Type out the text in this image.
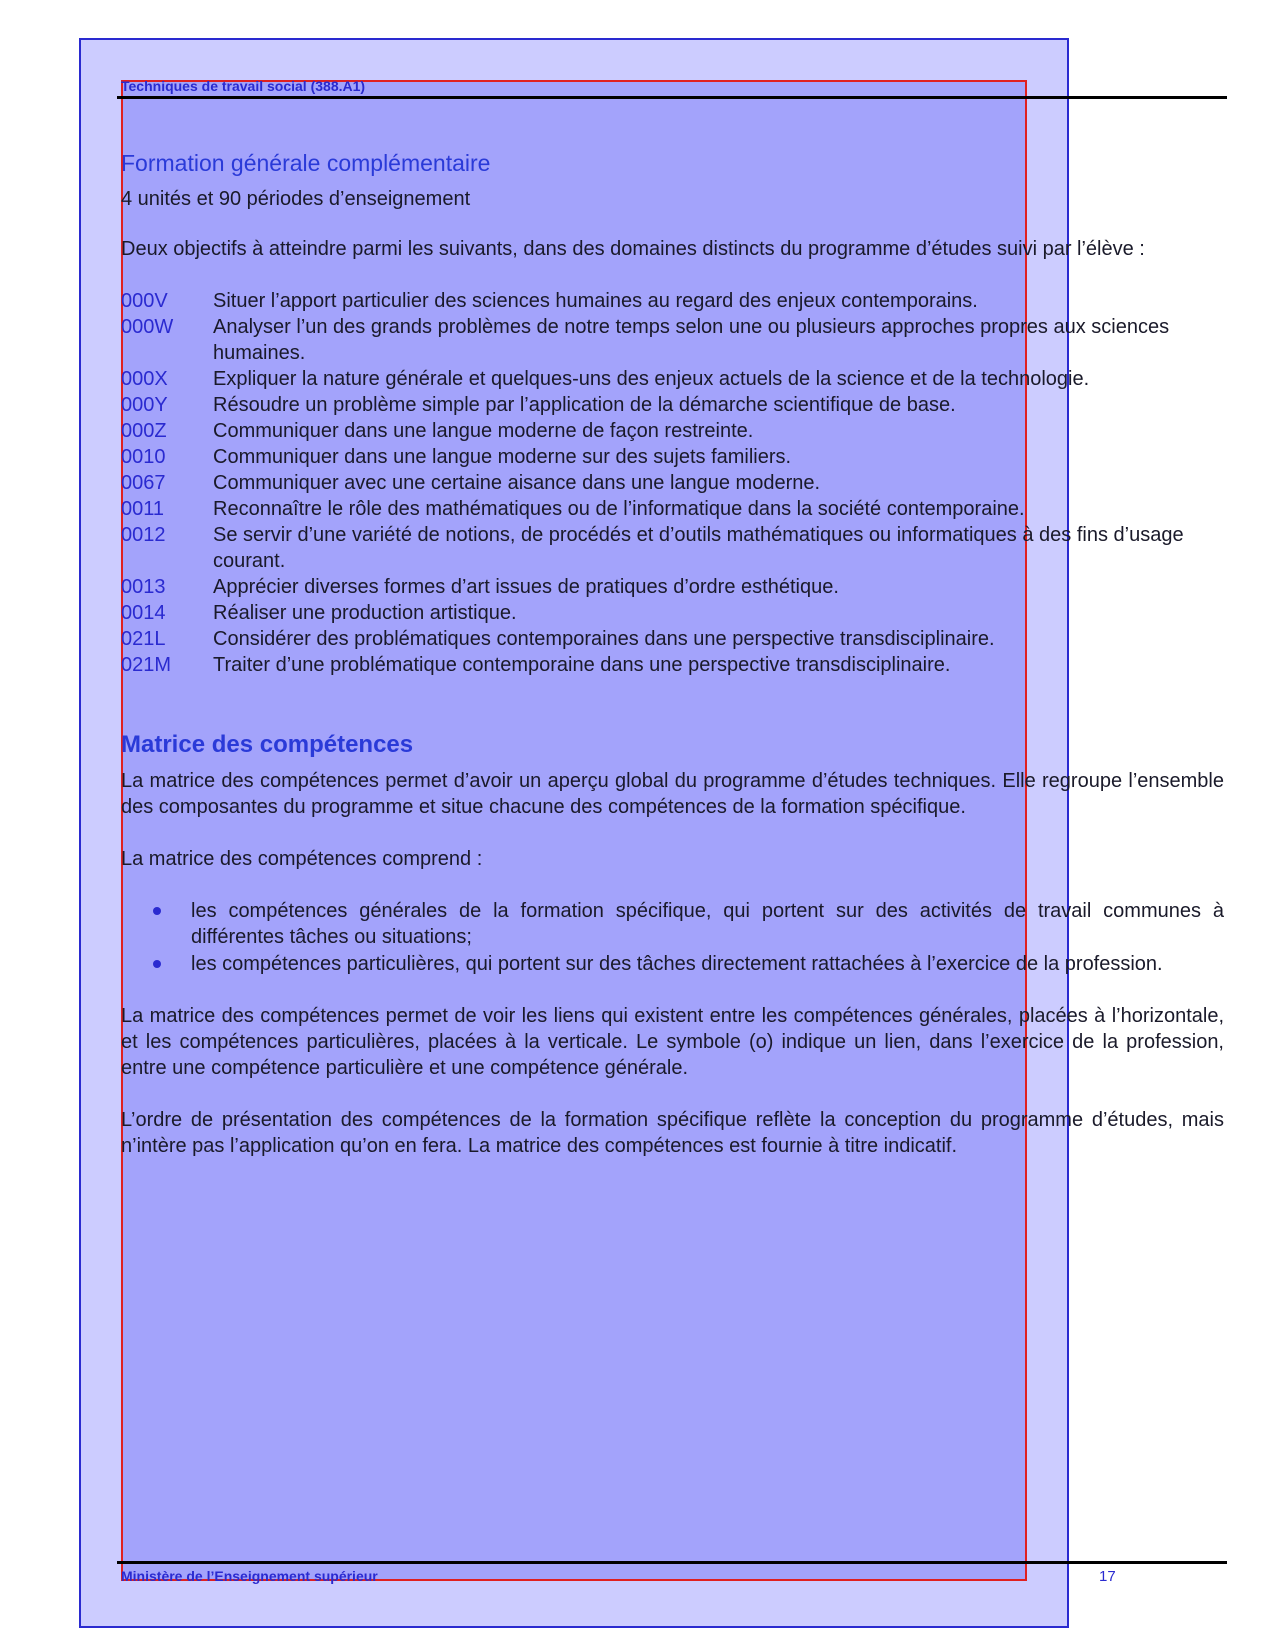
Techniques de travail social (388.A1)
Formation générale complémentaire
4 unités et 90 périodes d’enseignement

Deux objectifs à atteindre parmi les suivants, dans des domaines distincts du programme d’études suivi par l’élève :

000V	Situer l’apport particulier des sciences humaines au regard des enjeux contemporains.
000W	Analyser l’un des grands problèmes de notre temps selon une ou plusieurs approches propres aux sciences humaines.
000X	Expliquer la nature générale et quelques-uns des enjeux actuels de la science et de la technologie.
000Y	Résoudre un problème simple par l’application de la démarche scientifique de base.
000Z	Communiquer dans une langue moderne de façon restreinte.
0010	Communiquer dans une langue moderne sur des sujets familiers.
0067	Communiquer avec une certaine aisance dans une langue moderne.
0011	Reconnaître le rôle des mathématiques ou de l’informatique dans la société contemporaine.
0012	Se servir d’une variété de notions, de procédés et d’outils mathématiques ou informatiques à des fins d’usage courant.
0013	Apprécier diverses formes d’art issues de pratiques d’ordre esthétique.
0014	Réaliser une production artistique.
021L	Considérer des problématiques contemporaines dans une perspective transdisciplinaire.
021M	Traiter d’une problématique contemporaine dans une perspective transdisciplinaire.
Matrice des compétences

La matrice des compétences permet d’avoir un aperçu global du programme d’études techniques. Elle regroupe l’ensemble des composantes du programme et situe chacune des compétences de la formation spécifique.

La matrice des compétences comprend :

les compétences générales de la formation spécifique, qui portent sur des activités de travail communes à différentes tâches ou situations;
les compétences particulières, qui portent sur des tâches directement rattachées à l’exercice de la profession.

La matrice des compétences permet de voir les liens qui existent entre les compétences générales, placées à l’horizontale, et les compétences particulières, placées à la verticale. Le symbole (o) indique un lien, dans l’exercice de la profession, entre une compétence particulière et une compétence générale.

L’ordre de présentation des compétences de la formation spécifique reflète la conception du programme d’études, mais n’intère pas l’application qu’on en fera. La matrice des compétences est fournie à titre indicatif.

Ministère de l’Enseignement supérieur	17
